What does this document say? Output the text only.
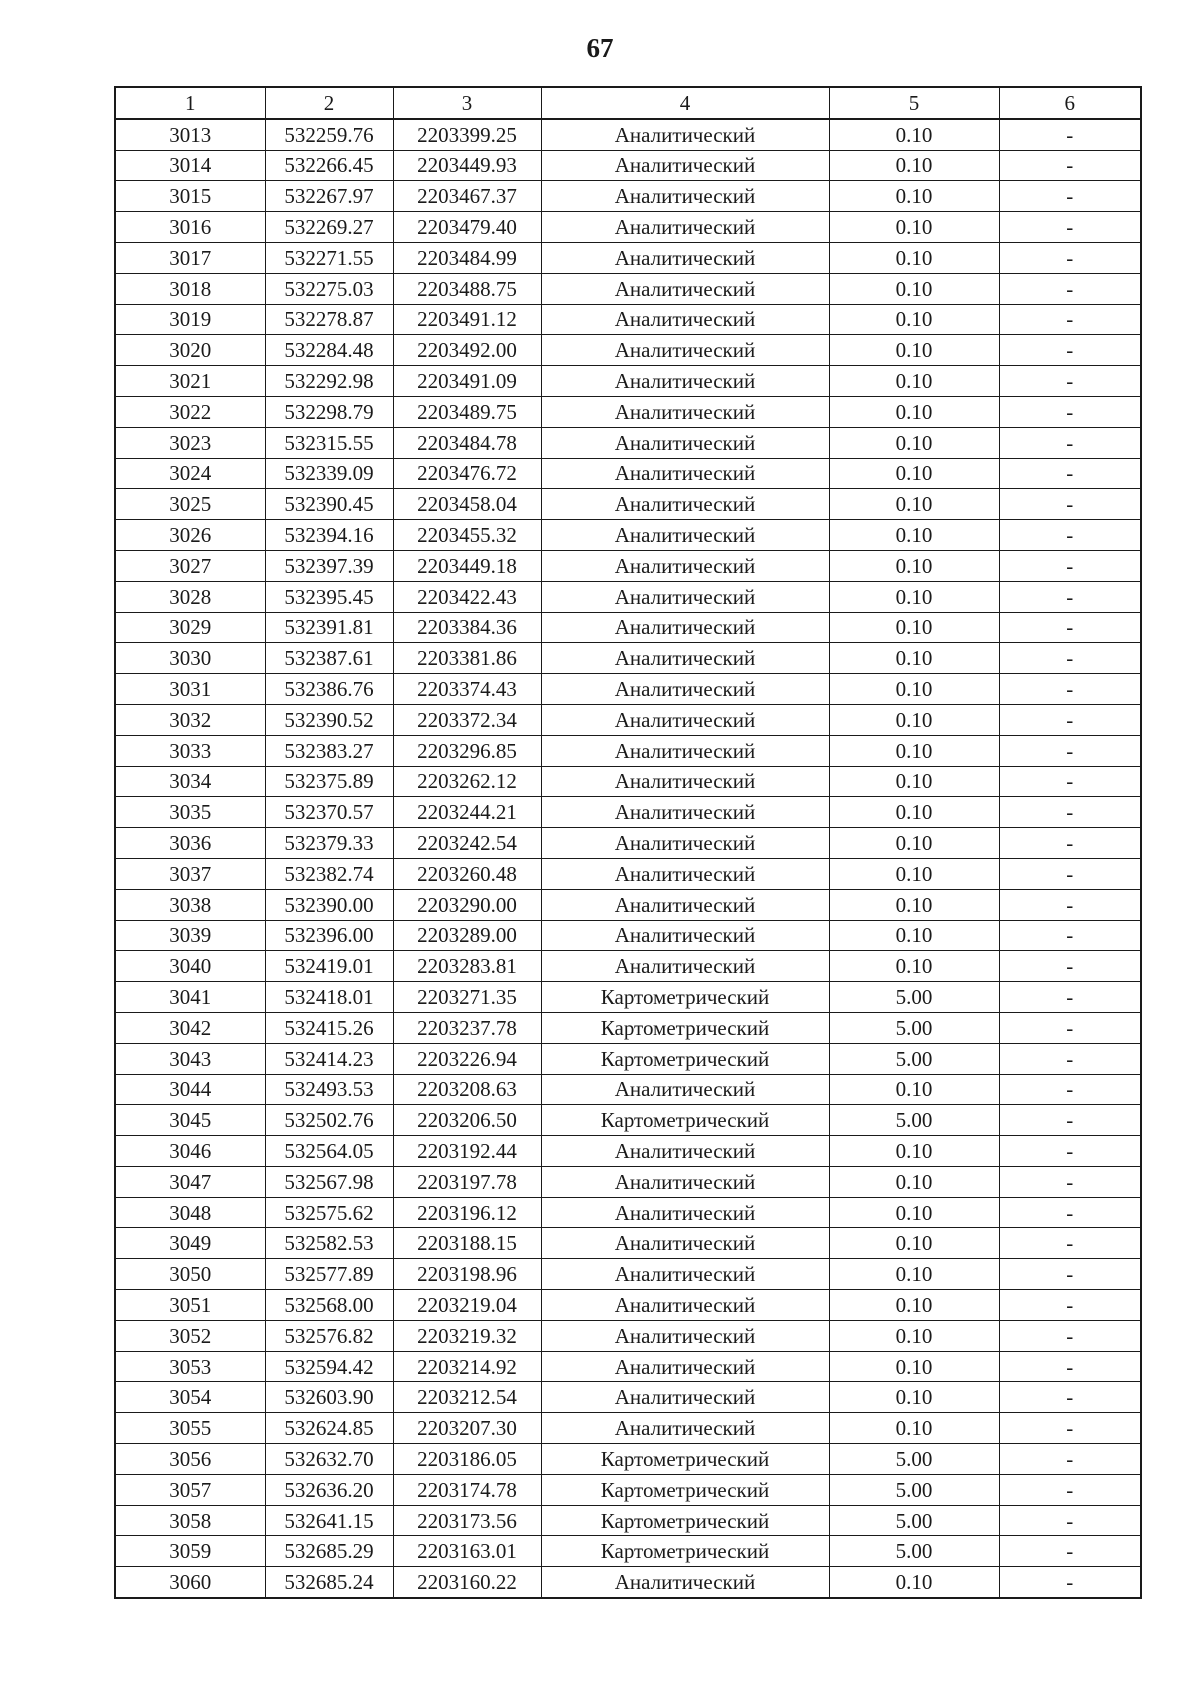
67
1	2	3	4	5	6
3013	532259.76	2203399.25	Аналитический	0.10	-
3014	532266.45	2203449.93	Аналитический	0.10	-
3015	532267.97	2203467.37	Аналитический	0.10	-
3016	532269.27	2203479.40	Аналитический	0.10	-
3017	532271.55	2203484.99	Аналитический	0.10	-
3018	532275.03	2203488.75	Аналитический	0.10	-
3019	532278.87	2203491.12	Аналитический	0.10	-
3020	532284.48	2203492.00	Аналитический	0.10	-
3021	532292.98	2203491.09	Аналитический	0.10	-
3022	532298.79	2203489.75	Аналитический	0.10	-
3023	532315.55	2203484.78	Аналитический	0.10	-
3024	532339.09	2203476.72	Аналитический	0.10	-
3025	532390.45	2203458.04	Аналитический	0.10	-
3026	532394.16	2203455.32	Аналитический	0.10	-
3027	532397.39	2203449.18	Аналитический	0.10	-
3028	532395.45	2203422.43	Аналитический	0.10	-
3029	532391.81	2203384.36	Аналитический	0.10	-
3030	532387.61	2203381.86	Аналитический	0.10	-
3031	532386.76	2203374.43	Аналитический	0.10	-
3032	532390.52	2203372.34	Аналитический	0.10	-
3033	532383.27	2203296.85	Аналитический	0.10	-
3034	532375.89	2203262.12	Аналитический	0.10	-
3035	532370.57	2203244.21	Аналитический	0.10	-
3036	532379.33	2203242.54	Аналитический	0.10	-
3037	532382.74	2203260.48	Аналитический	0.10	-
3038	532390.00	2203290.00	Аналитический	0.10	-
3039	532396.00	2203289.00	Аналитический	0.10	-
3040	532419.01	2203283.81	Аналитический	0.10	-
3041	532418.01	2203271.35	Картометрический	5.00	-
3042	532415.26	2203237.78	Картометрический	5.00	-
3043	532414.23	2203226.94	Картометрический	5.00	-
3044	532493.53	2203208.63	Аналитический	0.10	-
3045	532502.76	2203206.50	Картометрический	5.00	-
3046	532564.05	2203192.44	Аналитический	0.10	-
3047	532567.98	2203197.78	Аналитический	0.10	-
3048	532575.62	2203196.12	Аналитический	0.10	-
3049	532582.53	2203188.15	Аналитический	0.10	-
3050	532577.89	2203198.96	Аналитический	0.10	-
3051	532568.00	2203219.04	Аналитический	0.10	-
3052	532576.82	2203219.32	Аналитический	0.10	-
3053	532594.42	2203214.92	Аналитический	0.10	-
3054	532603.90	2203212.54	Аналитический	0.10	-
3055	532624.85	2203207.30	Аналитический	0.10	-
3056	532632.70	2203186.05	Картометрический	5.00	-
3057	532636.20	2203174.78	Картометрический	5.00	-
3058	532641.15	2203173.56	Картометрический	5.00	-
3059	532685.29	2203163.01	Картометрический	5.00	-
3060	532685.24	2203160.22	Аналитический	0.10	-
